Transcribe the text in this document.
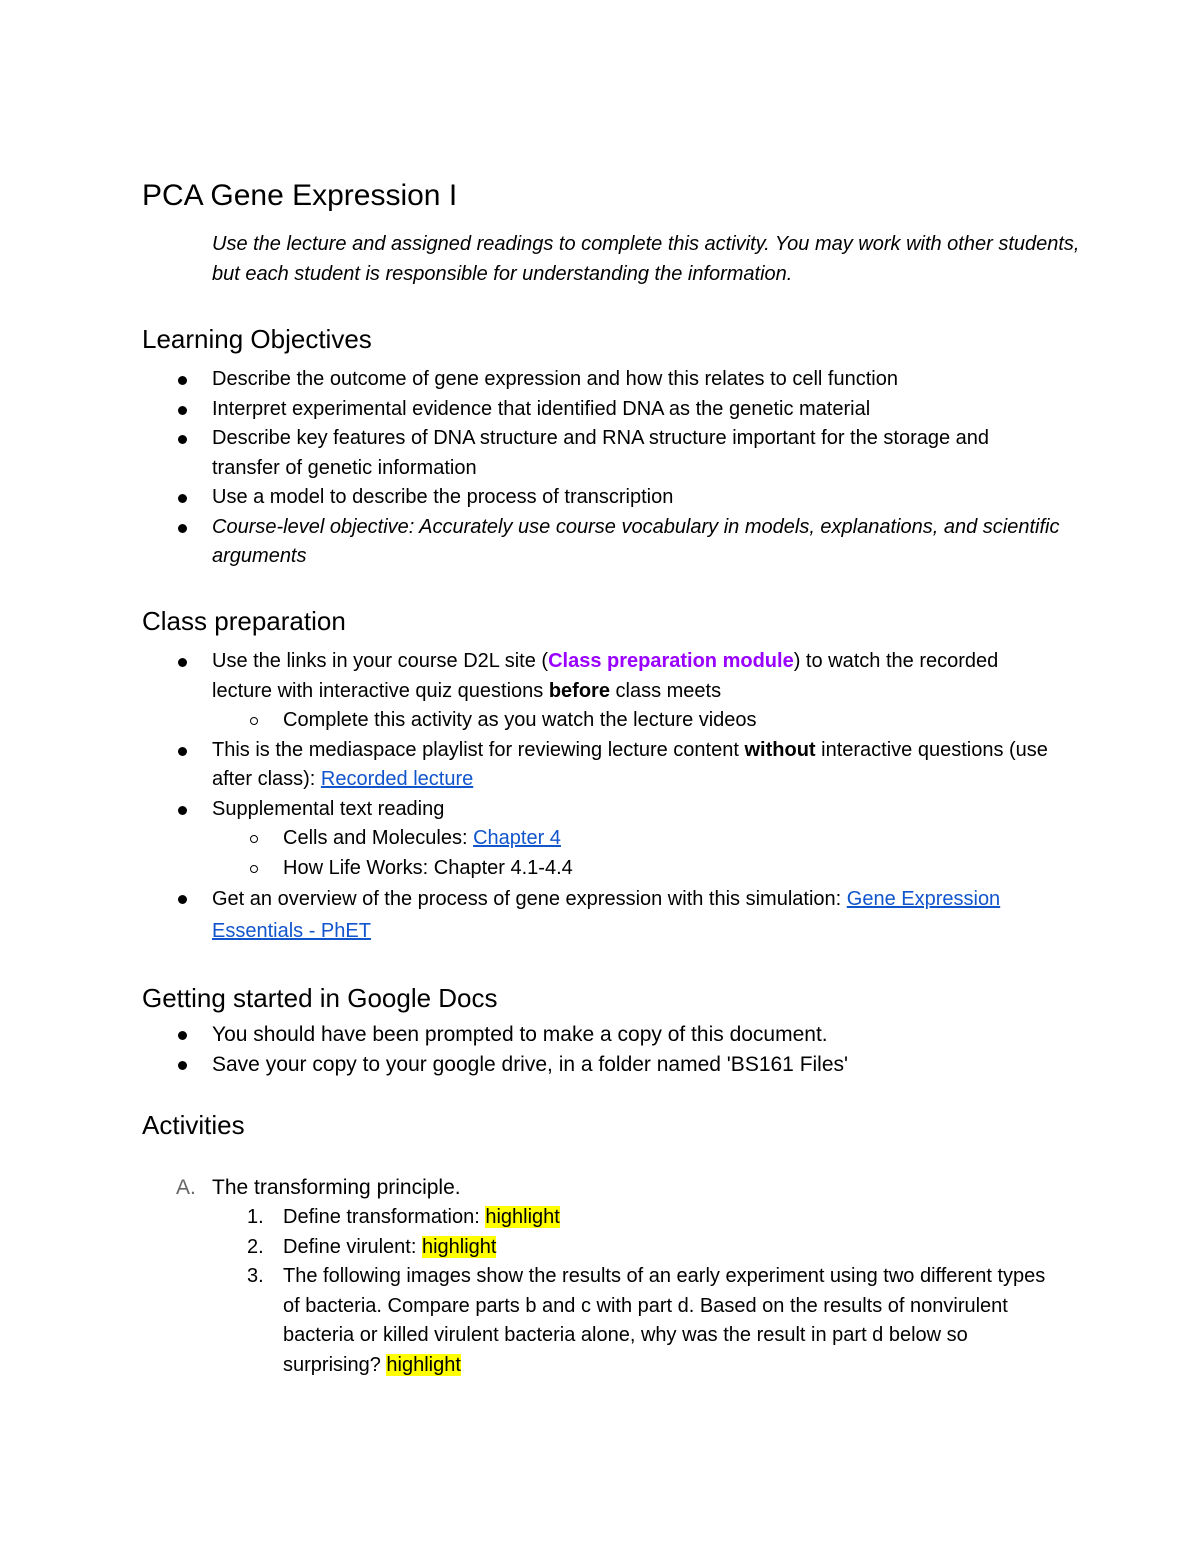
PCA Gene Expression I

Use the lecture and assigned readings to complete this activity. You may work with other students, but each student is responsible for understanding the information.

Learning Objectives
Describe the outcome of gene expression and how this relates to cell function
Interpret experimental evidence that identified DNA as the genetic material
Describe key features of DNA structure and RNA structure important for the storage and transfer of genetic information
Use a model to describe the process of transcription
Course-level objective: Accurately use course vocabulary in models, explanations, and scientific arguments
Class preparation
Use the links in your course D2L site (Class preparation module) to watch the recorded lecture with interactive quiz questions before class meets
Complete this activity as you watch the lecture videos
This is the mediaspace playlist for reviewing lecture content without interactive questions (use after class): Recorded lecture
Supplemental text reading
Cells and Molecules: Chapter 4
How Life Works: Chapter 4.1-4.4
Get an overview of the process of gene expression with this simulation: Gene Expression Essentials - PhET
Getting started in Google Docs
You should have been prompted to make a copy of this document.
Save your copy to your google drive, in a folder named 'BS161 Files'
Activities
A. The transforming principle.
1. Define transformation: highlight
2. Define virulent: highlight
3. The following images show the results of an early experiment using two different types of bacteria. Compare parts b and c with part d. Based on the results of nonvirulent bacteria or killed virulent bacteria alone, why was the result in part d below so surprising? highlight
